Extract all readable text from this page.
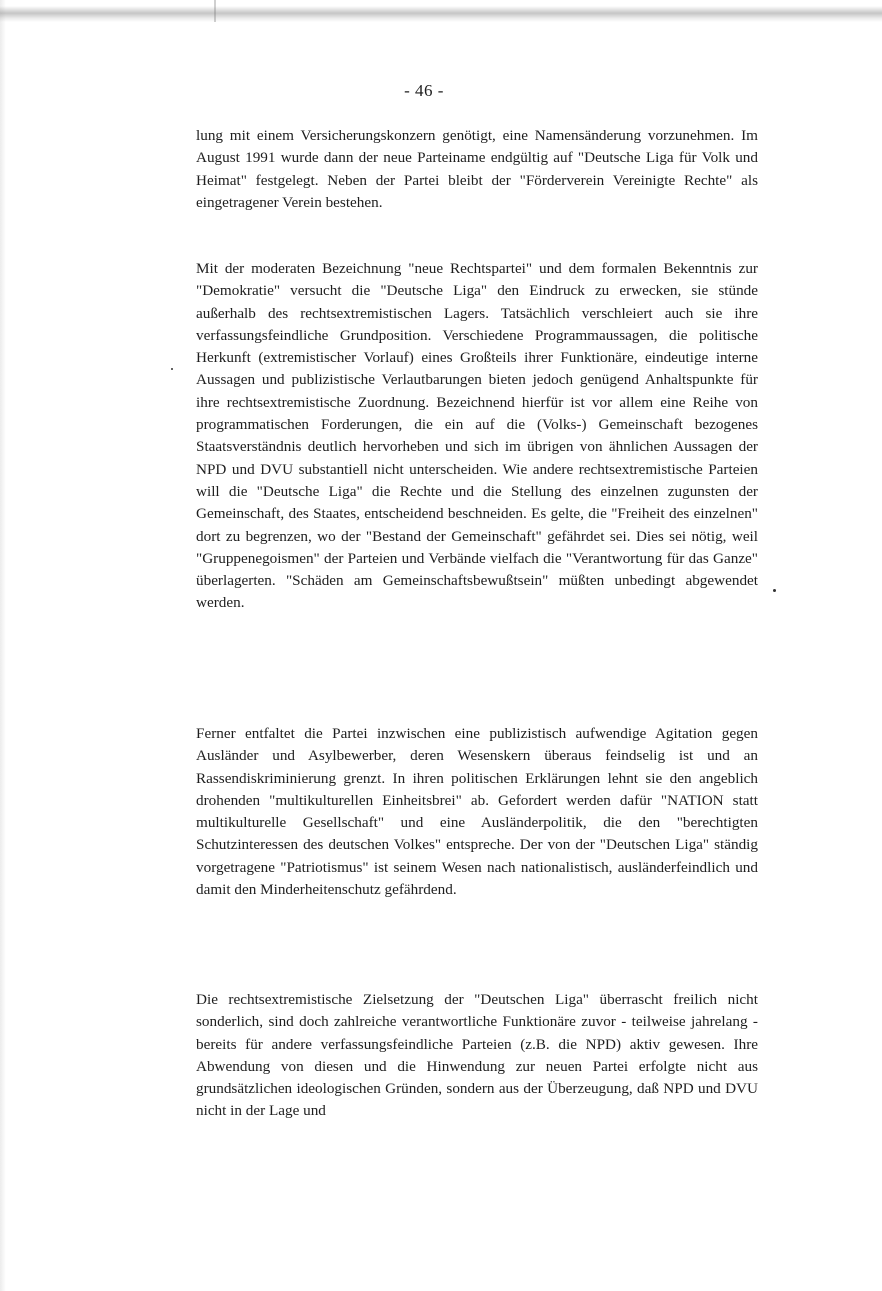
- 46 -

lung mit einem Versicherungskonzern genötigt, eine Namensänderung vorzunehmen. Im August 1991 wurde dann der neue Parteiname endgültig auf "Deutsche Liga für Volk und Heimat" festgelegt. Neben der Partei bleibt der "Förderverein Vereinigte Rechte" als eingetragener Verein bestehen.

Mit der moderaten Bezeichnung "neue Rechtspartei" und dem formalen Bekenntnis zur "Demokratie" versucht die "Deutsche Liga" den Eindruck zu erwecken, sie stünde außerhalb des rechtsextremistischen Lagers. Tatsächlich verschleiert auch sie ihre verfassungsfeindliche Grundposition. Verschiedene Programmaussagen, die politische Herkunft (extremistischer Vorlauf) eines Großteils ihrer Funktionäre, eindeutige interne Aussagen und publizistische Verlautbarungen bieten jedoch genügend Anhaltspunkte für ihre rechtsextremistische Zuordnung. Bezeichnend hierfür ist vor allem eine Reihe von programmatischen Forderungen, die ein auf die (Volks-) Gemeinschaft bezogenes Staatsverständnis deutlich hervorheben und sich im übrigen von ähnlichen Aussagen der NPD und DVU substantiell nicht unterscheiden. Wie andere rechtsextremistische Parteien will die "Deutsche Liga" die Rechte und die Stellung des einzelnen zugunsten der Gemeinschaft, des Staates, entscheidend beschneiden. Es gelte, die "Freiheit des einzelnen" dort zu begrenzen, wo der "Bestand der Gemeinschaft" gefährdet sei. Dies sei nötig, weil "Gruppenegoismen" der Parteien und Verbände vielfach die "Verantwortung für das Ganze" überlagerten. "Schäden am Gemeinschaftsbewußtsein" müßten unbedingt abgewendet werden.

Ferner entfaltet die Partei inzwischen eine publizistisch aufwendige Agitation gegen Ausländer und Asylbewerber, deren Wesenskern überaus feindselig ist und an Rassendiskriminierung grenzt. In ihren politischen Erklärungen lehnt sie den angeblich drohenden "multikulturellen Einheitsbrei" ab. Gefordert werden dafür "NATION statt multikulturelle Gesellschaft" und eine Ausländerpolitik, die den "berechtigten Schutzinteressen des deutschen Volkes" entspreche. Der von der "Deutschen Liga" ständig vorgetragene "Patriotismus" ist seinem Wesen nach nationalistisch, ausländerfeindlich und damit den Minderheitenschutz gefährdend.

Die rechtsextremistische Zielsetzung der "Deutschen Liga" überrascht freilich nicht sonderlich, sind doch zahlreiche verantwortliche Funktionäre zuvor - teilweise jahrelang - bereits für andere verfassungsfeindliche Parteien (z.B. die NPD) aktiv gewesen. Ihre Abwendung von diesen und die Hinwendung zur neuen Partei erfolgte nicht aus grundsätzlichen ideologischen Gründen, sondern aus der Überzeugung, daß NPD und DVU nicht in der Lage und
